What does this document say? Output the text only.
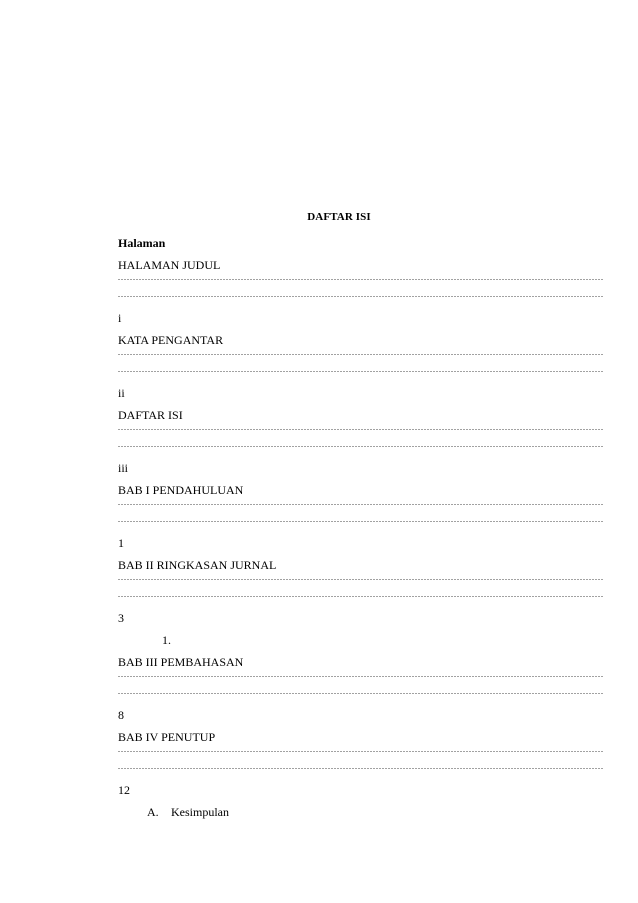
DAFTAR ISI
Halaman
HALAMAN JUDUL
..................................................................................................................................................................
..................................................................................................................................................................
i
KATA PENGANTAR
..................................................................................................................................................................
..................................................................................................................................................................
ii
DAFTAR ISI
..................................................................................................................................................................
..................................................................................................................................................................
iii
BAB I PENDAHULUAN
..................................................................................................................................................................
..................................................................................................................................................................
1
BAB II RINGKASAN JURNAL
..................................................................................................................................................................
..................................................................................................................................................................
3
1.
BAB III PEMBAHASAN
..................................................................................................................................................................
..................................................................................................................................................................
8
BAB IV PENUTUP
..................................................................................................................................................................
..................................................................................................................................................................
12
A. Kesimpulan
